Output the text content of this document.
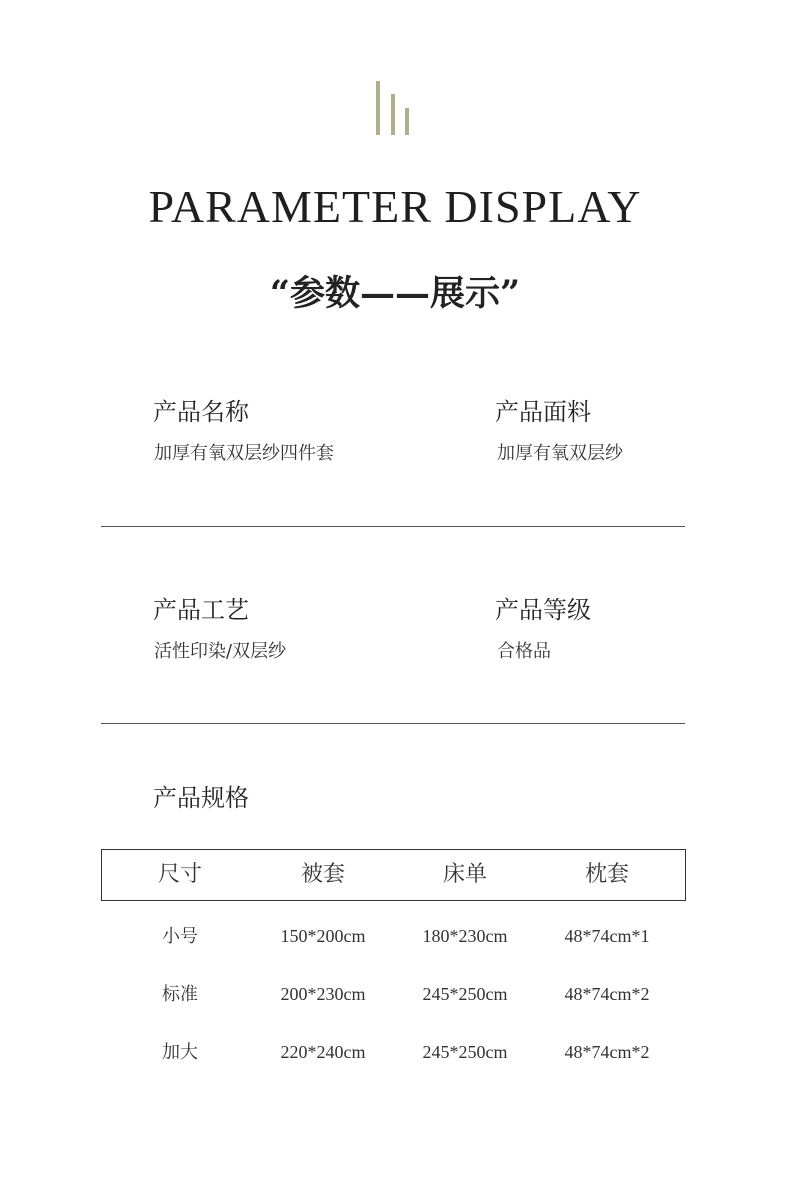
PARAMETER DISPLAY
“参数——展示”
产品名称
加厚有氧双层纱四件套
产品面料
加厚有氧双层纱
产品工艺
活性印染/双层纱
产品等级
合格品
产品规格
尺寸	被套	床单	枕套
小号	150*200cm	180*230cm	48*74cm*1
标准	200*230cm	245*250cm	48*74cm*2
加大	220*240cm	245*250cm	48*74cm*2
